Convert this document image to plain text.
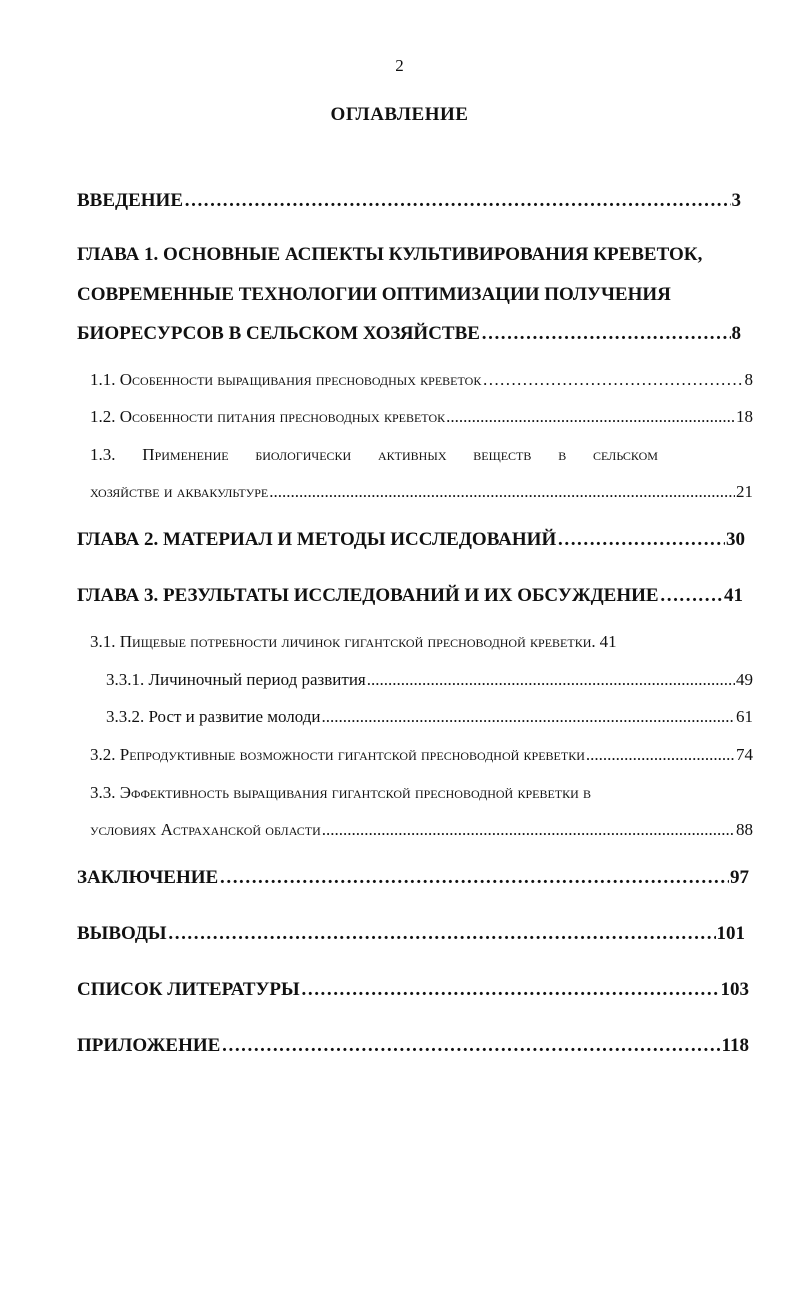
2
ОГЛАВЛЕНИЕ
ВВЕДЕНИЕ …………………………………………………………………………………………………………………………………………………………………………………………………………………	3
ГЛАВА 1. ОСНОВНЫЕ АСПЕКТЫ КУЛЬТИВИРОВАНИЯ КРЕВЕТОК,
СОВРЕМЕННЫЕ ТЕХНОЛОГИИ ОПТИМИЗАЦИИ ПОЛУЧЕНИЯ
БИОРЕСУРСОВ В СЕЛЬСКОМ ХОЗЯЙСТВЕ …………………………………………………………………………………………………………………………………………………………………………………………………………………	8
1.1. Особенности выращивания пресноводных креветок …………………………………………………………………………………………………………………………………………………………………………………………………………………	8
1.2. Особенности питания пресноводных креветок .....	18
1.3. Применение биологически активных веществ в сельском
хозяйстве и аквакультуре .....	21
ГЛАВА 2. МАТЕРИАЛ И МЕТОДЫ ИССЛЕДОВАНИЙ …………………………………………………………………………………………………………………………………………………………………………………………………………………	30
ГЛАВА 3. РЕЗУЛЬТАТЫ ИССЛЕДОВАНИЙ И ИХ ОБСУЖДЕНИЕ …………………………………………………………………………………………………………………………………………………………………………………………………………………	41
3.1. Пищевые потребности личинок гигантской пресноводной креветки. 41
3.3.1. Личиночный период развития .....	49
3.3.2. Рост и развитие молоди .....	61
3.2. Репродуктивные возможности гигантской пресноводной креветки .....	74
3.3. Эффективность выращивания гигантской пресноводной креветки в
условиях Астраханской области .....	88
ЗАКЛЮЧЕНИЕ …………………………………………………………………………………………………………………………………………………………………………………………………………………	97
ВЫВОДЫ …………………………………………………………………………………………………………………………………………………………………………………………………………………	101
СПИСОК ЛИТЕРАТУРЫ …………………………………………………………………………………………………………………………………………………………………………………………………………………	103
ПРИЛОЖЕНИЕ …………………………………………………………………………………………………………………………………………………………………………………………………………………	118
